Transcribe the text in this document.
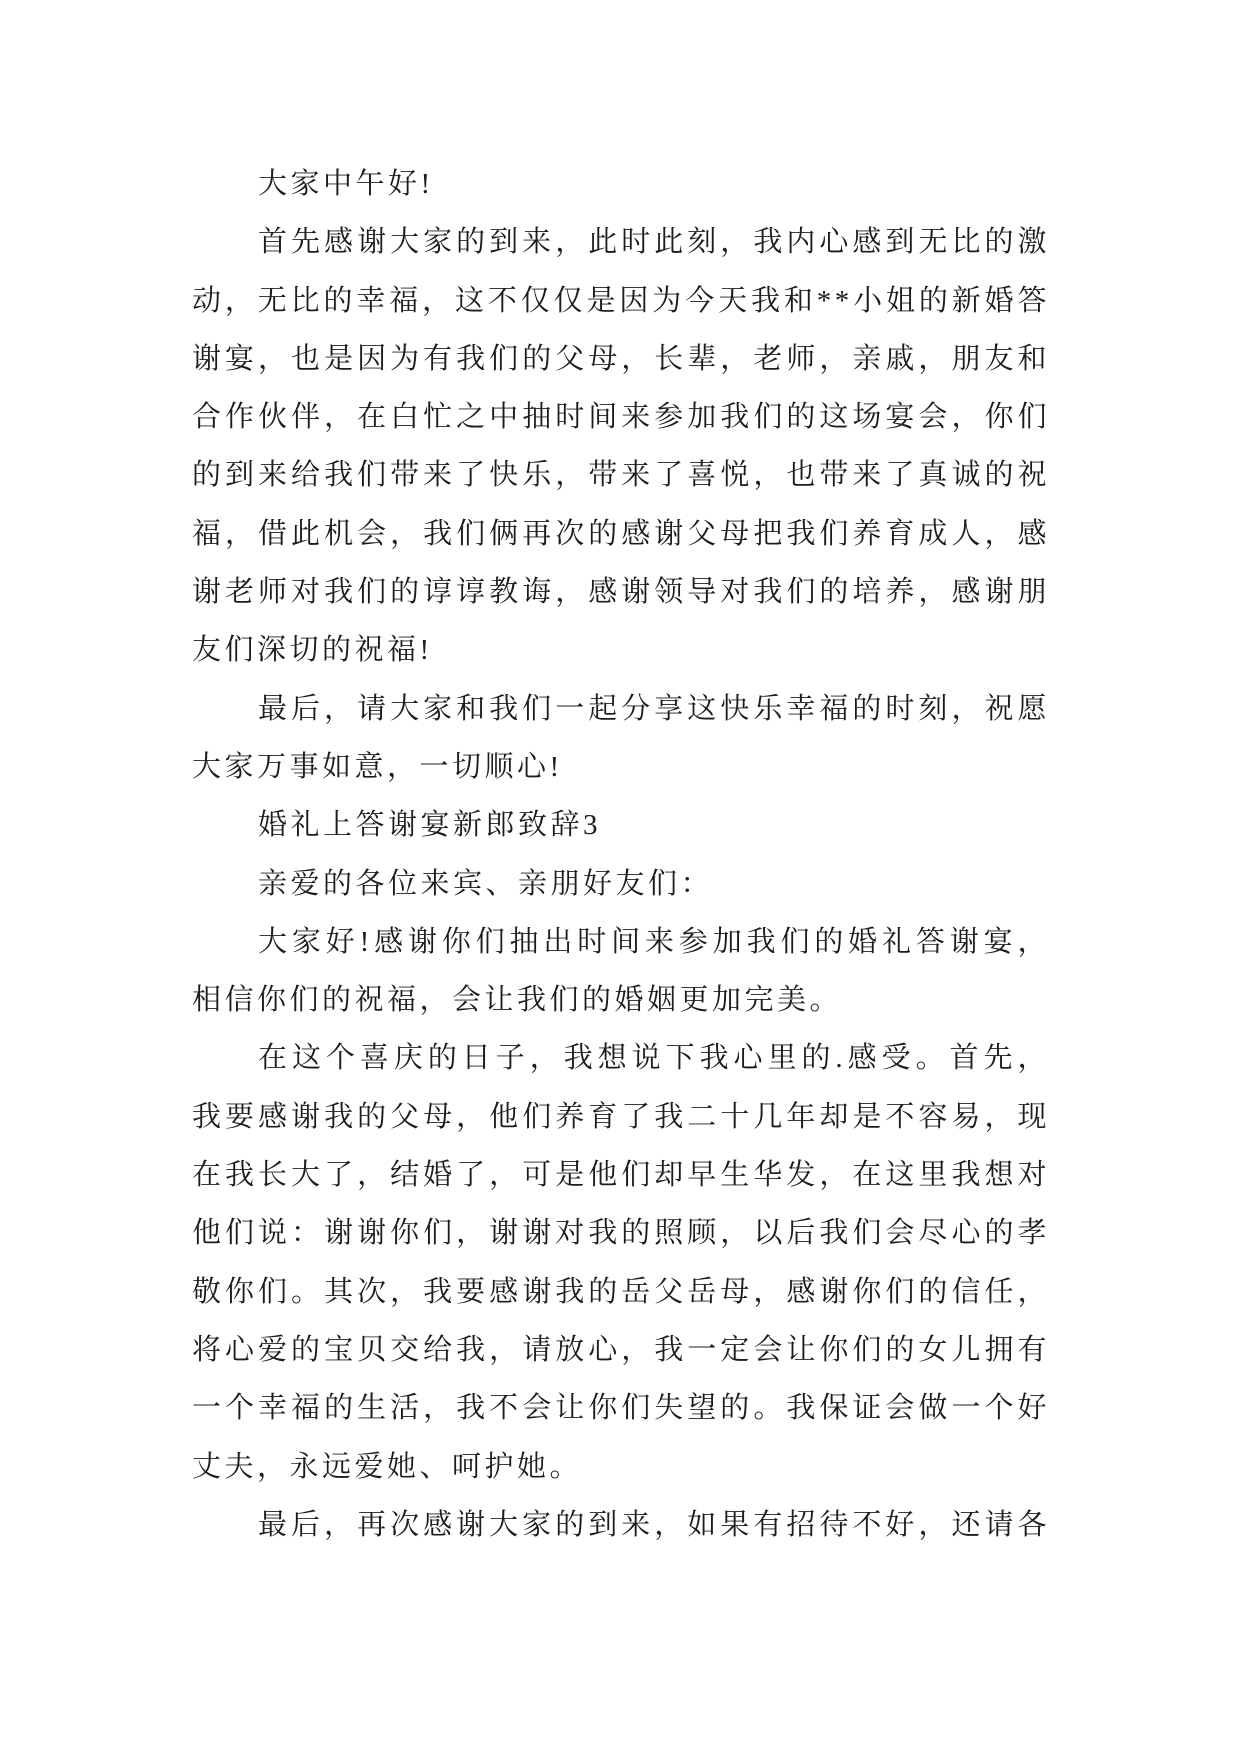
大家中午好!
首先感谢大家的到来，此时此刻，我内心感到无比的激
动，无比的幸福，这不仅仅是因为今天我和**小姐的新婚答
谢宴，也是因为有我们的父母，长辈，老师，亲戚，朋友和
合作伙伴，在白忙之中抽时间来参加我们的这场宴会，你们
的到来给我们带来了快乐，带来了喜悦，也带来了真诚的祝
福，借此机会，我们俩再次的感谢父母把我们养育成人，感
谢老师对我们的谆谆教诲，感谢领导对我们的培养，感谢朋
友们深切的祝福!
最后，请大家和我们一起分享这快乐幸福的时刻，祝愿
大家万事如意，一切顺心!
婚礼上答谢宴新郎致辞3
亲爱的各位来宾、亲朋好友们：
大家好!感谢你们抽出时间来参加我们的婚礼答谢宴，
相信你们的祝福，会让我们的婚姻更加完美。
在这个喜庆的日子，我想说下我心里的.感受。首先，
我要感谢我的父母，他们养育了我二十几年却是不容易，现
在我长大了，结婚了，可是他们却早生华发，在这里我想对
他们说：谢谢你们，谢谢对我的照顾，以后我们会尽心的孝
敬你们。其次，我要感谢我的岳父岳母，感谢你们的信任，
将心爱的宝贝交给我，请放心，我一定会让你们的女儿拥有
一个幸福的生活，我不会让你们失望的。我保证会做一个好
丈夫，永远爱她、呵护她。
最后，再次感谢大家的到来，如果有招待不好，还请各
